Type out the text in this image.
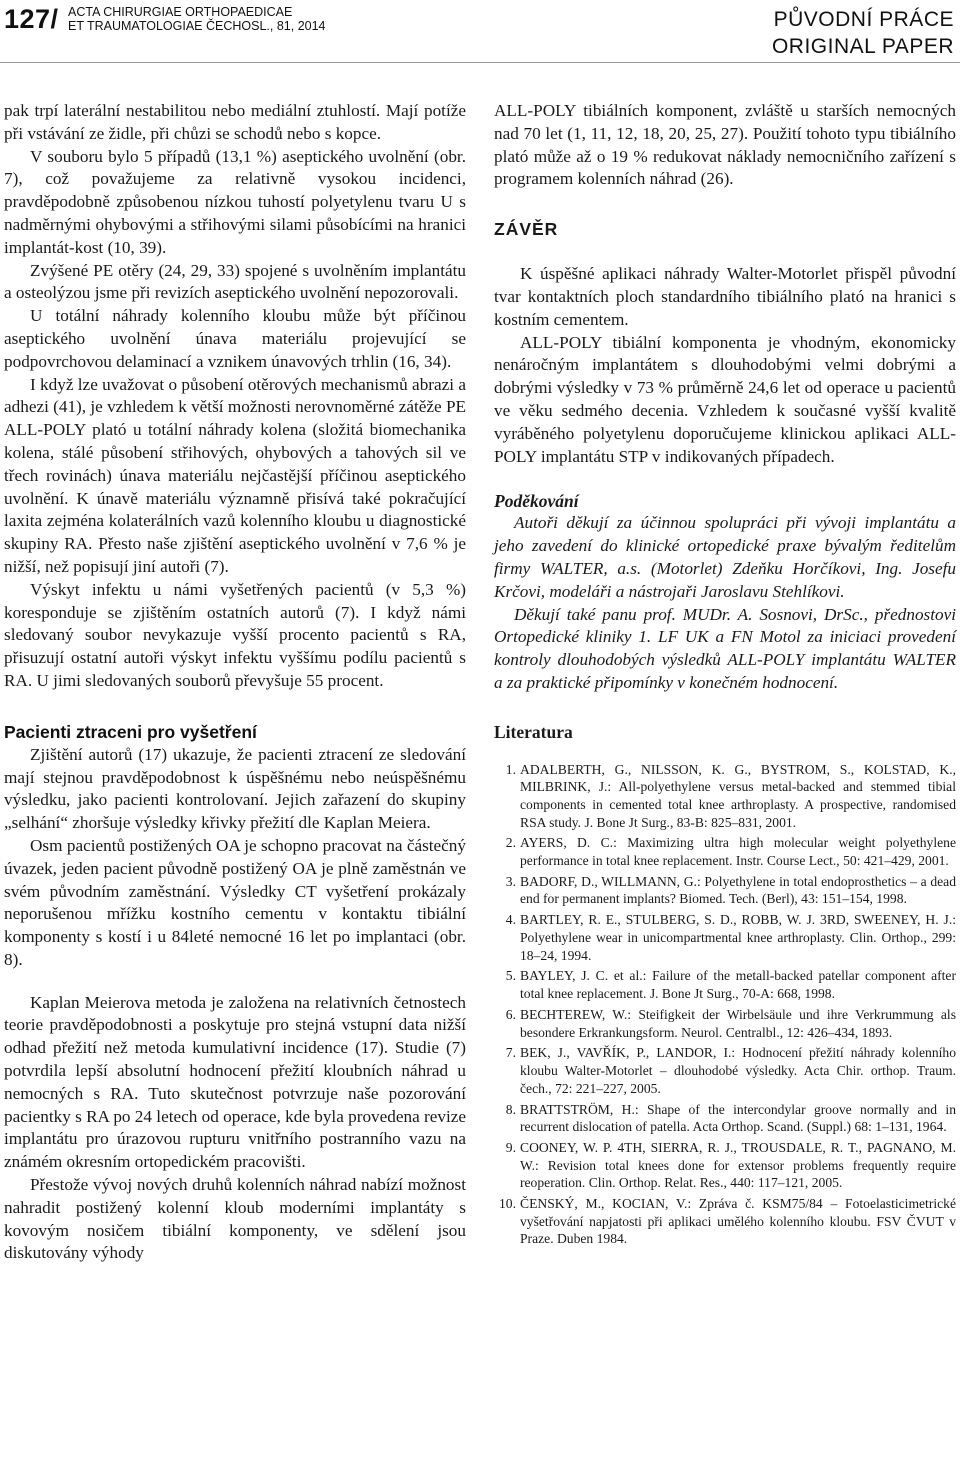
127/ ACTA CHIRURGIAE ORTHOPAEDICAE
ET TRAUMATOLOGIAE ČECHOSL., 81, 2014	PŮVODNÍ PRÁCE
ORIGINAL PAPER

pak trpí laterální nestabilitou nebo mediální ztuhlostí. Mají potíže při vstávání ze židle, při chůzi se schodů nebo s kopce.

V souboru bylo 5 případů (13,1 %) aseptického uvolnění (obr. 7), což považujeme za relativně vysokou incidenci, pravděpodobně způsobenou nízkou tuhostí polyetylenu tvaru U s nadměrnými ohybovými a střihovými silami působícími na hranici implantát-kost (10, 39).

Zvýšené PE otěry (24, 29, 33) spojené s uvolněním implantátu a osteolýzou jsme při revizích aseptického uvolnění nepozorovali.

U totální náhrady kolenního kloubu může být příčinou aseptického uvolnění únava materiálu projevující se podpovrchovou delaminací a vznikem únavových trhlin (16, 34).

I když lze uvažovat o působení otěrových mechanismů abrazi a adhezi (41), je vzhledem k větší možnosti nerovnoměrné zátěže PE ALL-POLY plató u totální náhrady kolena (složitá biomechanika kolena, stálé působení střihových, ohybových a tahových sil ve třech rovinách) únava materiálu nejčastější příčinou aseptického uvolnění. K únavě materiálu významně přisívá také pokračující laxita zejména kolaterálních vazů kolenního kloubu u diagnostické skupiny RA. Přesto naše zjištění aseptického uvolnění v 7,6 % je nižší, než popisují jiní autoři (7).

Výskyt infektu u námi vyšetřených pacientů (v 5,3 %) koresponduje se zjištěním ostatních autorů (7). I když námi sledovaný soubor nevykazuje vyšší procento pacientů s RA, přisuzují ostatní autoři výskyt infektu vyššímu podílu pacientů s RA. U jimi sledovaných souborů převyšuje 55 procent.

Pacienti ztraceni pro vyšetření

Zjištění autorů (17) ukazuje, že pacienti ztracení ze sledování mají stejnou pravděpodobnost k úspěšnému nebo neúspěšnému výsledku, jako pacienti kontrolovaní. Jejich zařazení do skupiny „selhání“ zhoršuje výsledky křivky přežití dle Kaplan Meiera.

Osm pacientů postižených OA je schopno pracovat na částečný úvazek, jeden pacient původně postižený OA je plně zaměstnán ve svém původním zaměstnání. Výsledky CT vyšetření prokázaly neporušenou mřížku kostního cementu v kontaktu tibiální komponenty s kostí i u 84leté nemocné 16 let po implantaci (obr. 8).

Kaplan Meierova metoda je založena na relativních četnostech teorie pravděpodobnosti a poskytuje pro stejná vstupní data nižší odhad přežití než metoda kumulativní incidence (17). Studie (7) potvrdila lepší absolutní hodnocení přežití kloubních náhrad u nemocných s RA. Tuto skutečnost potvrzuje naše pozorování pacientky s RA po 24 letech od operace, kde byla provedena revize implantátu pro úrazovou rupturu vnitřního postranního vazu na známém okresním ortopedickém pracovišti.

Přestože vývoj nových druhů kolenních náhrad nabízí možnost nahradit postižený kolenní kloub moderními implantáty s kovovým nosičem tibiální komponenty, ve sdělení jsou diskutovány výhody

ALL-POLY tibiálních komponent, zvláště u starších nemocných nad 70 let (1, 11, 12, 18, 20, 25, 27). Použití tohoto typu tibiálního plató může až o 19 % redukovat náklady nemocničního zařízení s programem kolenních náhrad (26).

ZÁVĚR

K úspěšné aplikaci náhrady Walter-Motorlet přispěl původní tvar kontaktních ploch standardního tibiálního plató na hranici s kostním cementem.

ALL-POLY tibiální komponenta je vhodným, ekonomicky nenáročným implantátem s dlouhodobými velmi dobrými a dobrými výsledky v 73 % průměrně 24,6 let od operace u pacientů ve věku sedmého decenia. Vzhledem k současné vyšší kvalitě vyráběného polyetylenu doporučujeme klinickou aplikaci ALL-POLY implantátu STP v indikovaných případech.

Poděkování

Autoři děkují za účinnou spolupráci při vývoji implantátu a jeho zavedení do klinické ortopedické praxe bývalým ředitelům firmy WALTER, a.s. (Motorlet) Zdeňku Horčíkovi, Ing. Josefu Krčovi, modeláři a nástrojaři Jaroslavu Stehlíkovi.

Děkují také panu prof. MUDr. A. Sosnovi, DrSc., přednostovi Ortopedické kliniky 1. LF UK a FN Motol za iniciaci provedení kontroly dlouhodobých výsledků ALL-POLY implantátu WALTER a za praktické připomínky v konečném hodnocení.

Literatura
1. ADALBERTH, G., NILSSON, K. G., BYSTROM, S., KOLSTAD, K., MILBRINK, J.: All-polyethylene versus metal-backed and stemmed tibial components in cemented total knee arthroplasty. A prospective, randomised RSA study. J. Bone Jt Surg., 83-B: 825–831, 2001.
2. AYERS, D. C.: Maximizing ultra high molecular weight polyethylene performance in total knee replacement. Instr. Course Lect., 50: 421–429, 2001.
3. BADORF, D., WILLMANN, G.: Polyethylene in total endoprosthetics – a dead end for permanent implants? Biomed. Tech. (Berl), 43: 151–154, 1998.
4. BARTLEY, R. E., STULBERG, S. D., ROBB, W. J. 3RD, SWEENEY, H. J.: Polyethylene wear in unicompartmental knee arthroplasty. Clin. Orthop., 299: 18–24, 1994.
5. BAYLEY, J. C. et al.: Failure of the metall-backed patellar component after total knee replacement. J. Bone Jt Surg., 70-A: 668, 1998.
6. BECHTEREW, W.: Steifigkeit der Wirbelsäule und ihre Verkrummung als besondere Erkrankungsform. Neurol. Centralbl., 12: 426–434, 1893.
7. BEK, J., VAVŘÍK, P., LANDOR, I.: Hodnocení přežití náhrady kolenního kloubu Walter-Motorlet – dlouhodobé výsledky. Acta Chir. orthop. Traum. čech., 72: 221–227, 2005.
8. BRATTSTRÖM, H.: Shape of the intercondylar groove normally and in recurrent dislocation of patella. Acta Orthop. Scand. (Suppl.) 68: 1–131, 1964.
9. COONEY, W. P. 4TH, SIERRA, R. J., TROUSDALE, R. T., PAGNANO, M. W.: Revision total knees done for extensor problems frequently require reoperation. Clin. Orthop. Relat. Res., 440: 117–121, 2005.
10. ČENSKÝ, M., KOCIAN, V.: Zpráva č. KSM75/84 – Fotoelasticimetrické vyšetřování napjatosti při aplikaci umělého kolenního kloubu. FSV ČVUT v Praze. Duben 1984.
